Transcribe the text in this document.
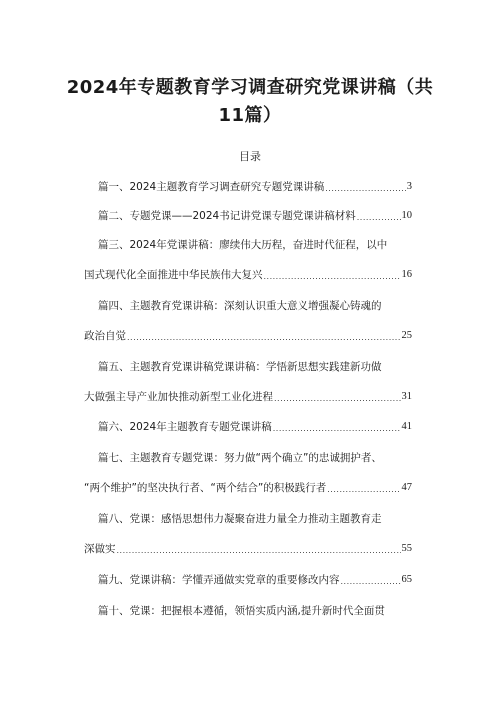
2024年专题教育学习调查研究党课讲稿（共
11篇）
目录
篇一、2024主题教育学习调查研究专题党课讲稿 .....	3
篇二、专题党课——2024书记讲党课专题党课讲稿材料 .....	10
篇三、2024年党课讲稿：廖续伟大历程，奋进时代征程，以中
国式现代化全面推进中华民族伟大复兴 .....	16
篇四、主题教育党课讲稿：深刻认识重大意义增强凝心铸魂的
政治自觉 .....	25
篇五、主题教育党课讲稿党课讲稿：学悟新思想实践建新功做
大做强主导产业加快推动新型工业化进程 .....	31
篇六、2024年主题教育专题党课讲稿 .....	41
篇七、主题教育专题党课：努力做“两个确立”的忠诚拥护者、
“两个维护”的坚决执行者、“两个结合”的积极践行者 .....	47
篇八、党课：感悟思想伟力凝聚奋进力量全力推动主题教育走
深做实 .....	55
篇九、党课讲稿：学懂弄通做实党章的重要修改内容 .....	65
篇十、党课：把握根本遵循，领悟实质内涵,提升新时代全面贯
